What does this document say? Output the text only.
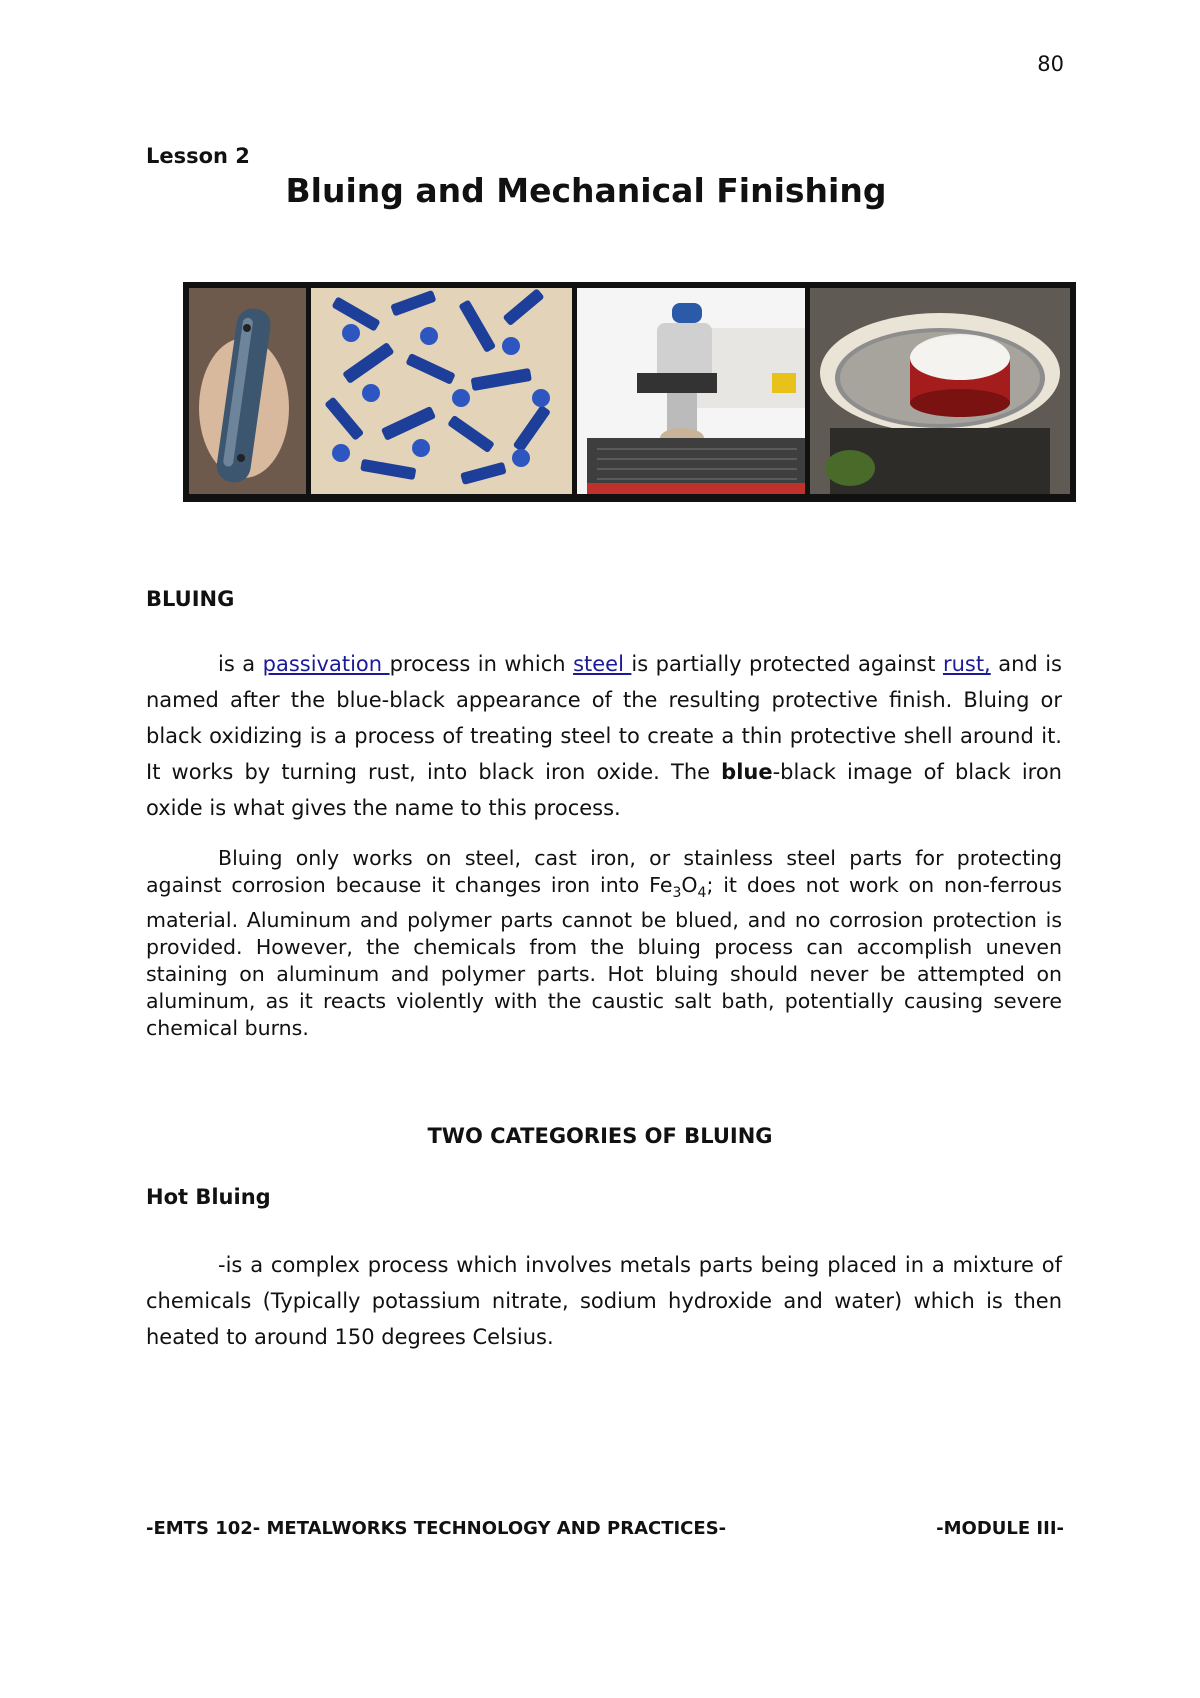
80
Lesson 2
Bluing and Mechanical Finishing
BLUING
is a passivation process in which steel is partially protected against rust, and is named after the blue-black appearance of the resulting protective finish. Bluing or black oxidizing is a process of treating steel to create a thin protective shell around it. It works by turning rust, into black iron oxide. The blue-black image of black iron oxide is what gives the name to this process.
Bluing only works on steel, cast iron, or stainless steel parts for protecting against corrosion because it changes iron into $Fe_3O_4$; it does not work on non-ferrous material. Aluminum and polymer parts cannot be blued, and no corrosion protection is provided. However, the chemicals from the bluing process can accomplish uneven staining on aluminum and polymer parts. Hot bluing should never be attempted on aluminum, as it reacts violently with the caustic salt bath, potentially causing severe chemical burns.
TWO CATEGORIES OF BLUING
Hot Bluing
-is a complex process which involves metals parts being placed in a mixture of chemicals (Typically potassium nitrate, sodium hydroxide and water) which is then heated to around 150 degrees Celsius.
-EMTS 102- METALWORKS TECHNOLOGY AND PRACTICES-	-MODULE III-
